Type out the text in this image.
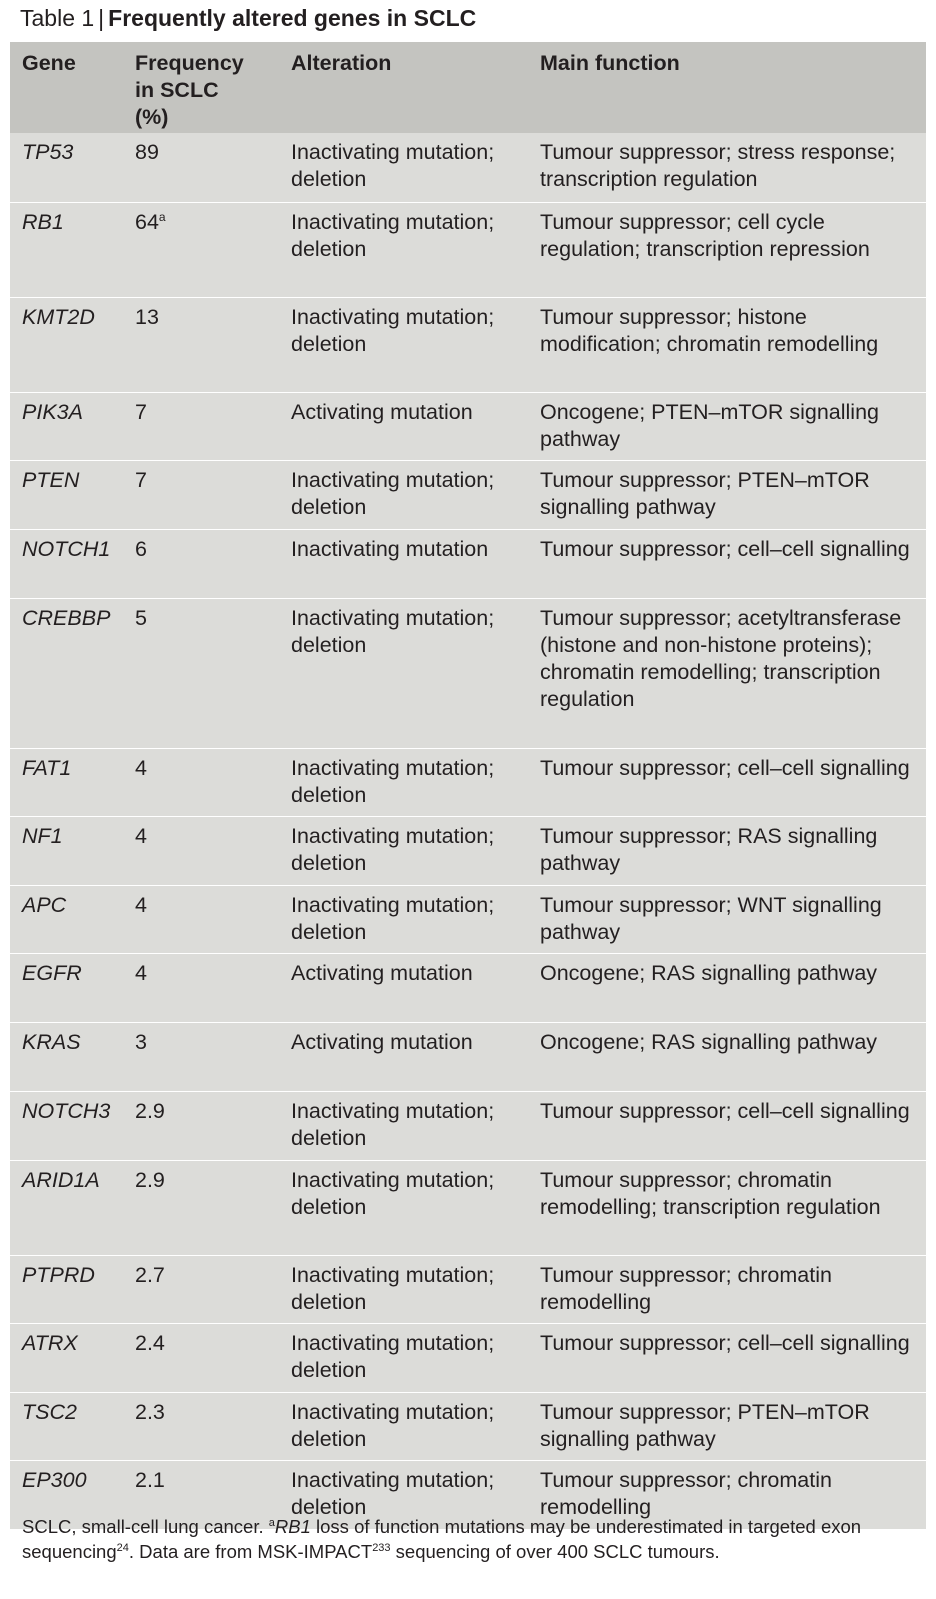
Table 1 | Frequently altered genes in SCLC
Gene	Frequency in SCLC (%)	Alteration	Main function
TP53	89	Inactivating mutation; deletion	Tumour suppressor; stress response; transcription regulation
RB1	64$^a$	Inactivating mutation; deletion	Tumour suppressor; cell cycle regulation; transcription repression
KMT2D	13	Inactivating mutation; deletion	Tumour suppressor; histone modification; chromatin remodelling
PIK3A	7	Activating mutation	Oncogene; PTEN–mTOR signalling pathway
PTEN	7	Inactivating mutation; deletion	Tumour suppressor; PTEN–mTOR signalling pathway
NOTCH1	6	Inactivating mutation	Tumour suppressor; cell–cell signalling
CREBBP	5	Inactivating mutation; deletion	Tumour suppressor; acetyltransferase (histone and non-histone proteins); chromatin remodelling; transcription regulation
FAT1	4	Inactivating mutation; deletion	Tumour suppressor; cell–cell signalling
NF1	4	Inactivating mutation; deletion	Tumour suppressor; RAS signalling pathway
APC	4	Inactivating mutation; deletion	Tumour suppressor; WNT signalling pathway
EGFR	4	Activating mutation	Oncogene; RAS signalling pathway
KRAS	3	Activating mutation	Oncogene; RAS signalling pathway
NOTCH3	2.9	Inactivating mutation; deletion	Tumour suppressor; cell–cell signalling
ARID1A	2.9	Inactivating mutation; deletion	Tumour suppressor; chromatin remodelling; transcription regulation
PTPRD	2.7	Inactivating mutation; deletion	Tumour suppressor; chromatin remodelling
ATRX	2.4	Inactivating mutation; deletion	Tumour suppressor; cell–cell signalling
TSC2	2.3	Inactivating mutation; deletion	Tumour suppressor; PTEN–mTOR signalling pathway
EP300	2.1	Inactivating mutation; deletion	Tumour suppressor; chromatin remodelling
SCLC, small-cell lung cancer. $^a$RB1 loss of function mutations may be underestimated in targeted exon sequencing$^{24}$. Data are from MSK-IMPACT$^{233}$ sequencing of over 400 SCLC tumours.
